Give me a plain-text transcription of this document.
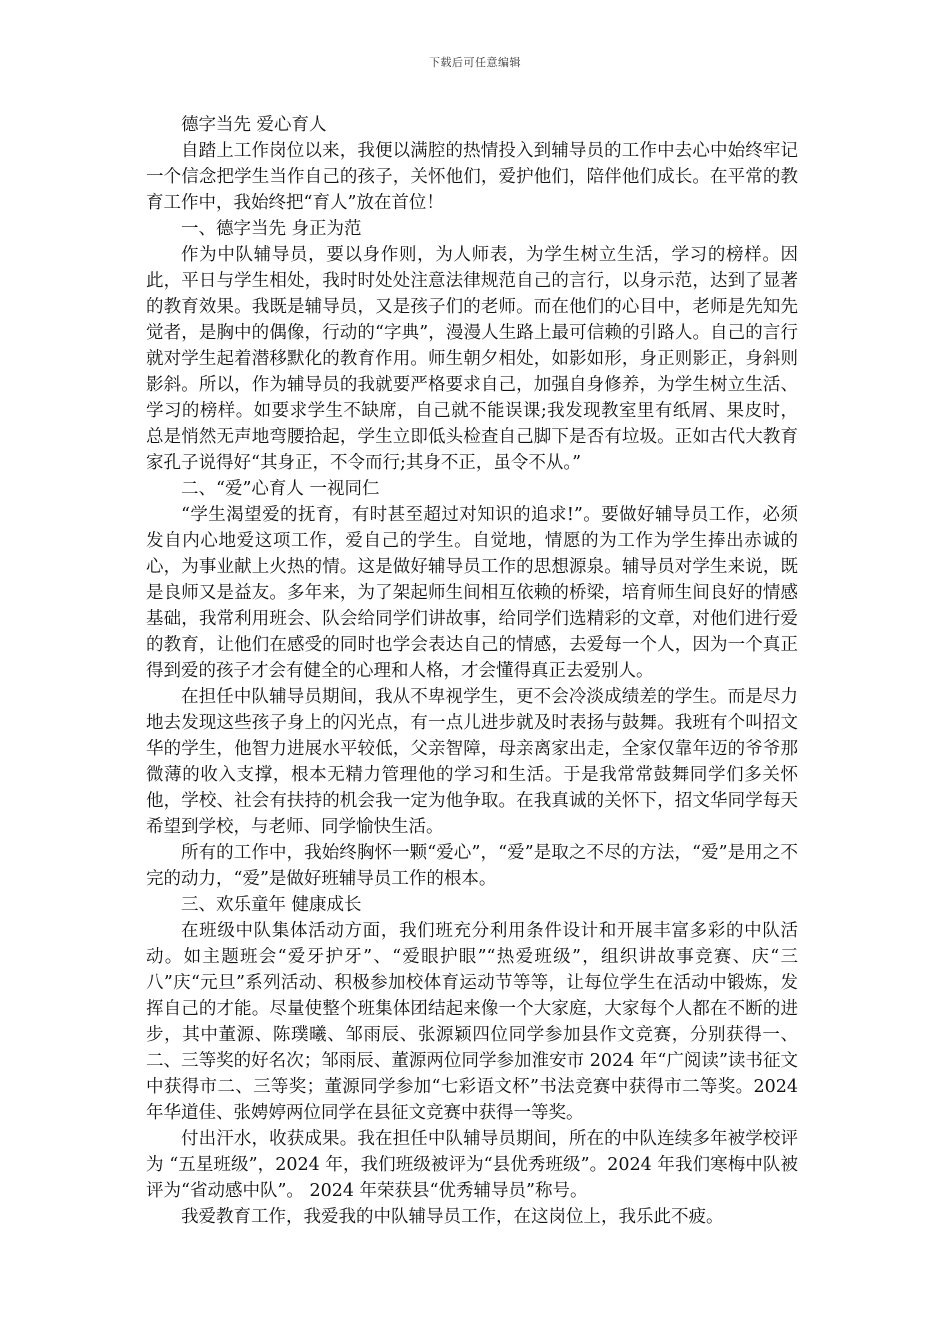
下载后可任意编辑

德字当先 爱心育人

自踏上工作岗位以来，我便以满腔的热情投入到辅导员的工作中去心中始终牢记一个信念把学生当作自己的孩子，关怀他们，爱护他们，陪伴他们成长。在平常的教育工作中，我始终把“育人”放在首位！

一、德字当先 身正为范

作为中队辅导员，要以身作则，为人师表，为学生树立生活，学习的榜样。因此，平日与学生相处，我时时处处注意法律规范自己的言行，以身示范，达到了显著的教育效果。我既是辅导员，又是孩子们的老师。而在他们的心目中，老师是先知先觉者，是胸中的偶像，行动的“字典”，漫漫人生路上最可信赖的引路人。自己的言行就对学生起着潜移默化的教育作用。师生朝夕相处，如影如形，身正则影正，身斜则影斜。所以，作为辅导员的我就要严格要求自己，加强自身修养，为学生树立生活、学习的榜样。如要求学生不缺席，自己就不能误课;我发现教室里有纸屑、果皮时，总是悄然无声地弯腰拾起，学生立即低头检查自己脚下是否有垃圾。正如古代大教育家孔子说得好“其身正，不令而行;其身不正，虽令不从。”

二、“爱”心育人 一视同仁

“学生渴望爱的抚育，有时甚至超过对知识的追求!”。要做好辅导员工作，必须发自内心地爱这项工作，爱自己的学生。自觉地，情愿的为工作为学生捧出赤诚的心，为事业献上火热的情。这是做好辅导员工作的思想源泉。辅导员对学生来说，既是良师又是益友。多年来，为了架起师生间相互依赖的桥梁，培育师生间良好的情感基础，我常利用班会、队会给同学们讲故事，给同学们选精彩的文章，对他们进行爱的教育，让他们在感受的同时也学会表达自己的情感，去爱每一个人，因为一个真正得到爱的孩子才会有健全的心理和人格，才会懂得真正去爱别人。

在担任中队辅导员期间，我从不卑视学生，更不会冷淡成绩差的学生。而是尽力地去发现这些孩子身上的闪光点，有一点儿进步就及时表扬与鼓舞。我班有个叫招文华的学生，他智力进展水平较低，父亲智障，母亲离家出走，全家仅靠年迈的爷爷那微薄的收入支撑，根本无精力管理他的学习和生活。于是我常常鼓舞同学们多关怀他，学校、社会有扶持的机会我一定为他争取。在我真诚的关怀下，招文华同学每天希望到学校，与老师、同学愉快生活。

所有的工作中，我始终胸怀一颗“爱心”，“爱”是取之不尽的方法，“爱”是用之不完的动力，“爱”是做好班辅导员工作的根本。

三、欢乐童年 健康成长

在班级中队集体活动方面，我们班充分利用条件设计和开展丰富多彩的中队活动。如主题班会“爱牙护牙”、“爱眼护眼”“热爱班级”，组织讲故事竞赛、庆“三八”庆“元旦”系列活动、积极参加校体育运动节等等，让每位学生在活动中锻炼，发挥自己的才能。尽量使整个班集体团结起来像一个大家庭，大家每个人都在不断的进步，其中董源、陈璞曦、邹雨辰、张源颖四位同学参加县作文竞赛，分别获得一、二、三等奖的好名次；邹雨辰、董源两位同学参加淮安市 2024 年“广阅读”读书征文中获得市二、三等奖；董源同学参加“七彩语文杯”书法竞赛中获得市二等奖。2024 年华道佳、张娉婷两位同学在县征文竞赛中获得一等奖。

付出汗水，收获成果。我在担任中队辅导员期间，所在的中队连续多年被学校评为 “五星班级”，2024 年，我们班级被评为“县优秀班级”。2024 年我们寒梅中队被评为“省动感中队”。 2024 年荣获县“优秀辅导员”称号。

我爱教育工作，我爱我的中队辅导员工作，在这岗位上，我乐此不疲。
